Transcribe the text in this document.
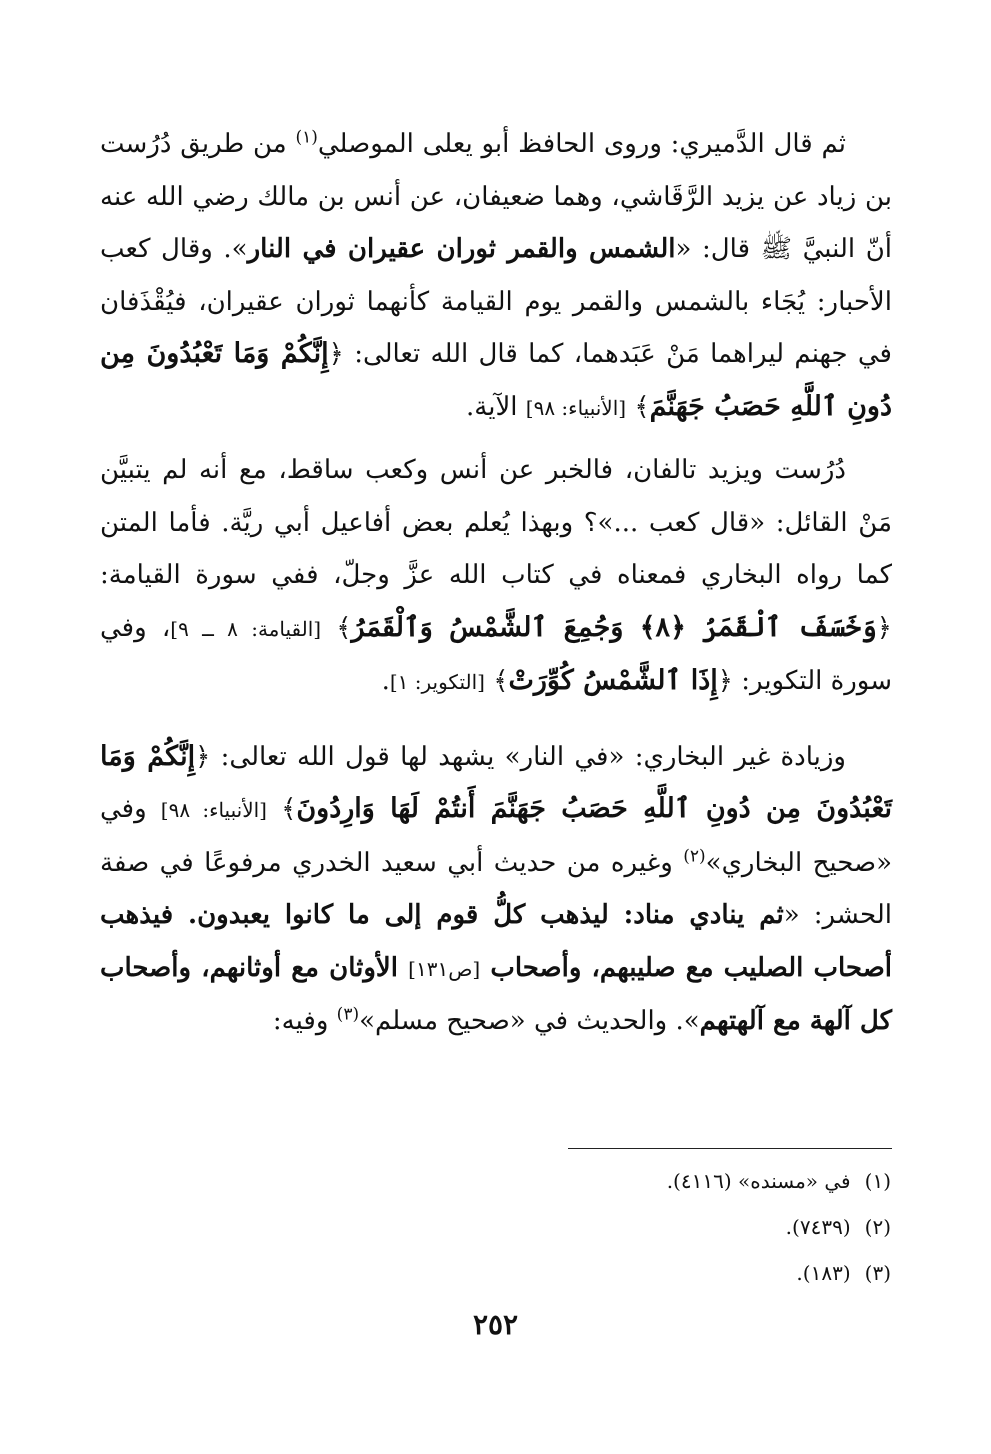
ثم قال الدَّميري: وروى الحافظ أبو يعلى الموصلي$^{(١)}$ من طريق دُرُست بن زياد عن يزيد الرَّقَاشي، وهما ضعيفان، عن أنس بن مالك رضي الله عنه أنّ النبيَّ ﷺ قال: «الشمس والقمر ثوران عقيران في النار». وقال كعب الأحبار: يُجَاء بالشمس والقمر يوم القيامة كأنهما ثوران عقيران، فيُقْذَفان في جهنم ليراهما مَنْ عَبَدهما، كما قال الله تعالى: ﴿إِنَّكُمْ وَمَا تَعْبُدُونَ مِن دُونِ ٱللَّهِ حَصَبُ جَهَنَّمَ﴾ [الأنبياء: ٩٨] الآية.

دُرُست ويزيد تالفان، فالخبر عن أنس وكعب ساقط، مع أنه لم يتبيَّن مَنْ القائل: «قال كعب ...»؟ وبهذا يُعلم بعض أفاعيل أبي ريَّة. فأما المتن كما رواه البخاري فمعناه في كتاب الله عزَّ وجلّ، ففي سورة القيامة: ﴿وَخَسَفَ ٱلْقَمَرُ ﴿٨﴾ وَجُمِعَ ٱلشَّمْسُ وَٱلْقَمَرُ﴾ [القيامة: ٨ ــ ٩]، وفي سورة التكوير: ﴿إِذَا ٱلشَّمْسُ كُوِّرَتْ﴾ [التكوير: ١].

وزيادة غير البخاري: «في النار» يشهد لها قول الله تعالى: ﴿إِنَّكُمْ وَمَا تَعْبُدُونَ مِن دُونِ ٱللَّهِ حَصَبُ جَهَنَّمَ أَنتُمْ لَهَا وَارِدُونَ﴾ [الأنبياء: ٩٨] وفي «صحيح البخاري»$^{(٢)}$ وغيره من حديث أبي سعيد الخدري مرفوعًا في صفة الحشر: «ثم ينادي مناد: ليذهب كلُّ قوم إلى ما كانوا يعبدون. فيذهب أصحاب الصليب مع صليبهم، وأصحاب [ص١٣١] الأوثان مع أوثانهم، وأصحاب كل آلهة مع آلهتهم». والحديث في «صحيح مسلم»$^{(٣)}$ وفيه:

(١)في «مسنده» (٤١١٦).
(٢)(٧٤٣٩).
(٣)(١٨٣).
٢٥٢
